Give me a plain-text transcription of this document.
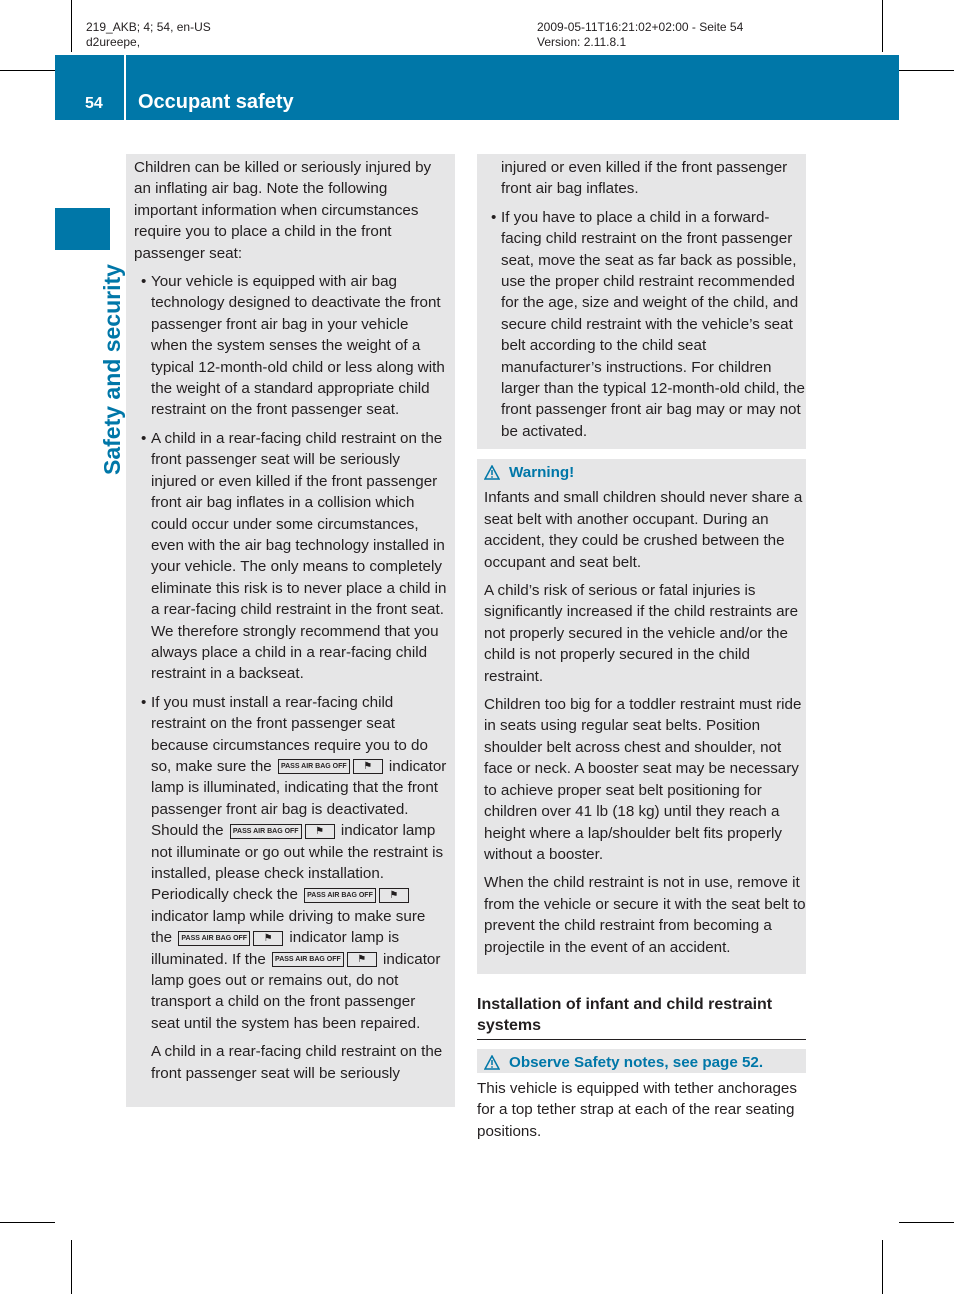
219_AKB; 4; 54, en-US
d2ureepe,
2009-05-11T16:21:02+02:00 - Seite 54
Version: 2.11.8.1
54 Occupant safety
Safety and security

Children can be killed or seriously injured by an inflating air bag. Note the following important information when circumstances require you to place a child in the front passenger seat:

• Your vehicle is equipped with air bag technology designed to deactivate the front passenger front air bag in your vehicle when the system senses the weight of a typical 12-month-old child or less along with the weight of a standard appropriate child restraint on the front passenger seat.
• A child in a rear-facing child restraint on the front passenger seat will be seriously injured or even killed if the front passenger front air bag inflates in a collision which could occur under some circumstances, even with the air bag technology installed in your vehicle. The only means to completely eliminate this risk is to never place a child in a rear-facing child restraint in the front seat. We therefore strongly recommend that you always place a child in a rear-facing child restraint in a backseat.
• If you must install a rear-facing child restraint on the front passenger seat because circumstances require you to do so, make sure the PASS AIR BAG OFF ⚑ indicator lamp is illuminated, indicating that the front passenger front air bag is deactivated. Should the PASS AIR BAG OFF ⚑ indicator lamp not illuminate or go out while the restraint is installed, please check installation. Periodically check the PASS AIR BAG OFF ⚑ indicator lamp while driving to make sure the PASS AIR BAG OFF ⚑ indicator lamp is illuminated. If the PASS AIR BAG OFF ⚑ indicator lamp goes out or remains out, do not transport a child on the front passenger seat until the system has been repaired.

A child in a rear-facing child restraint on the front passenger seat will be seriously

injured or even killed if the front passenger front air bag inflates.

• If you have to place a child in a forward-facing child restraint on the front passenger seat, move the seat as far back as possible, use the proper child restraint recommended for the age, size and weight of the child, and secure child restraint with the vehicle’s seat belt according to the child seat manufacturer’s instructions. For children larger than the typical 12-month-old child, the front passenger front air bag may or may not be activated.
Warning!

Infants and small children should never share a seat belt with another occupant. During an accident, they could be crushed between the occupant and seat belt.

A child’s risk of serious or fatal injuries is significantly increased if the child restraints are not properly secured in the vehicle and/or the child is not properly secured in the child restraint.

Children too big for a toddler restraint must ride in seats using regular seat belts. Position shoulder belt across chest and shoulder, not face or neck. A booster seat may be necessary to achieve proper seat belt positioning for children over 41 lb (18 kg) until they reach a height where a lap/shoulder belt fits properly without a booster.

When the child restraint is not in use, remove it from the vehicle or secure it with the seat belt to prevent the child restraint from becoming a projectile in the event of an accident.

Installation of infant and child restraint systems
Observe Safety notes, see page 52.
This vehicle is equipped with tether anchorages for a top tether strap at each of the rear seating positions.
